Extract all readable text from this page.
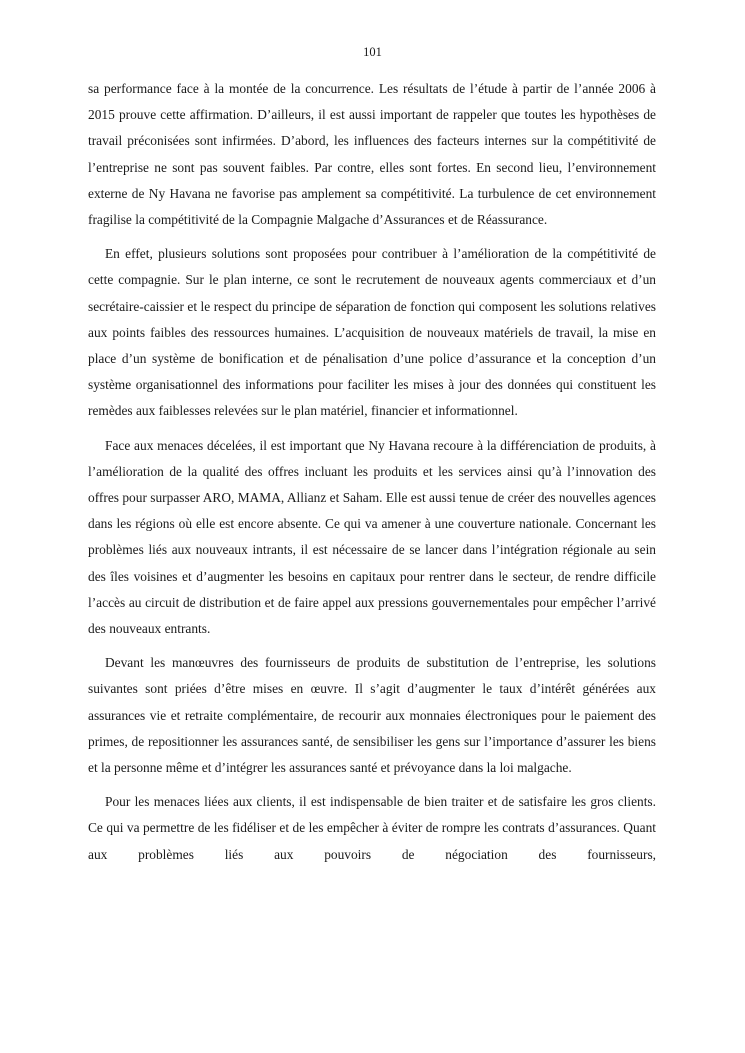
101

sa performance face à la montée de la concurrence. Les résultats de l’étude à partir de l’année 2006 à 2015 prouve cette affirmation. D’ailleurs, il est aussi important de rappeler que toutes les hypothèses de travail préconisées sont infirmées. D’abord, les influences des facteurs internes sur la compétitivité de l’entreprise ne sont pas souvent faibles. Par contre, elles sont fortes. En second lieu, l’environnement externe de Ny Havana ne favorise pas amplement sa compétitivité. La turbulence de cet environnement fragilise la compétitivité de la Compagnie Malgache d’Assurances et de Réassurance.

En effet, plusieurs solutions sont proposées pour contribuer à l’amélioration de la compétitivité de cette compagnie. Sur le plan interne, ce sont le recrutement de nouveaux agents commerciaux et d’un secrétaire-caissier et le respect du principe de séparation de fonction qui composent les solutions relatives aux points faibles des ressources humaines. L’acquisition de nouveaux matériels de travail, la mise en place d’un système de bonification et de pénalisation d’une police d’assurance et la conception d’un système organisationnel des informations pour faciliter les mises à jour des données qui constituent les remèdes aux faiblesses relevées sur le plan matériel, financier et informationnel.

Face aux menaces décelées, il est important que Ny Havana recoure à la différenciation de produits, à l’amélioration de la qualité des offres incluant les produits et les services ainsi qu’à l’innovation des offres pour surpasser ARO, MAMA, Allianz et Saham. Elle est aussi tenue de créer des nouvelles agences dans les régions où elle est encore absente. Ce qui va amener à une couverture nationale. Concernant les problèmes liés aux nouveaux intrants, il est nécessaire de se lancer dans l’intégration régionale au sein des îles voisines et d’augmenter les besoins en capitaux pour rentrer dans le secteur, de rendre difficile l’accès au circuit de distribution et de faire appel aux pressions gouvernementales pour empêcher l’arrivé des nouveaux entrants.

Devant les manœuvres des fournisseurs de produits de substitution de l’entreprise, les solutions suivantes sont priées d’être mises en œuvre. Il s’agit d’augmenter le taux d’intérêt générées aux assurances vie et retraite complémentaire, de recourir aux monnaies électroniques pour le paiement des primes, de repositionner les assurances santé, de sensibiliser les gens sur l’importance d’assurer les biens et la personne même et d’intégrer les assurances santé et prévoyance dans la loi malgache.

Pour les menaces liées aux clients, il est indispensable de bien traiter et de satisfaire les gros clients. Ce qui va permettre de les fidéliser et de les empêcher à éviter de rompre les contrats d’assurances. Quant aux problèmes liés aux pouvoirs de négociation des fournisseurs,
